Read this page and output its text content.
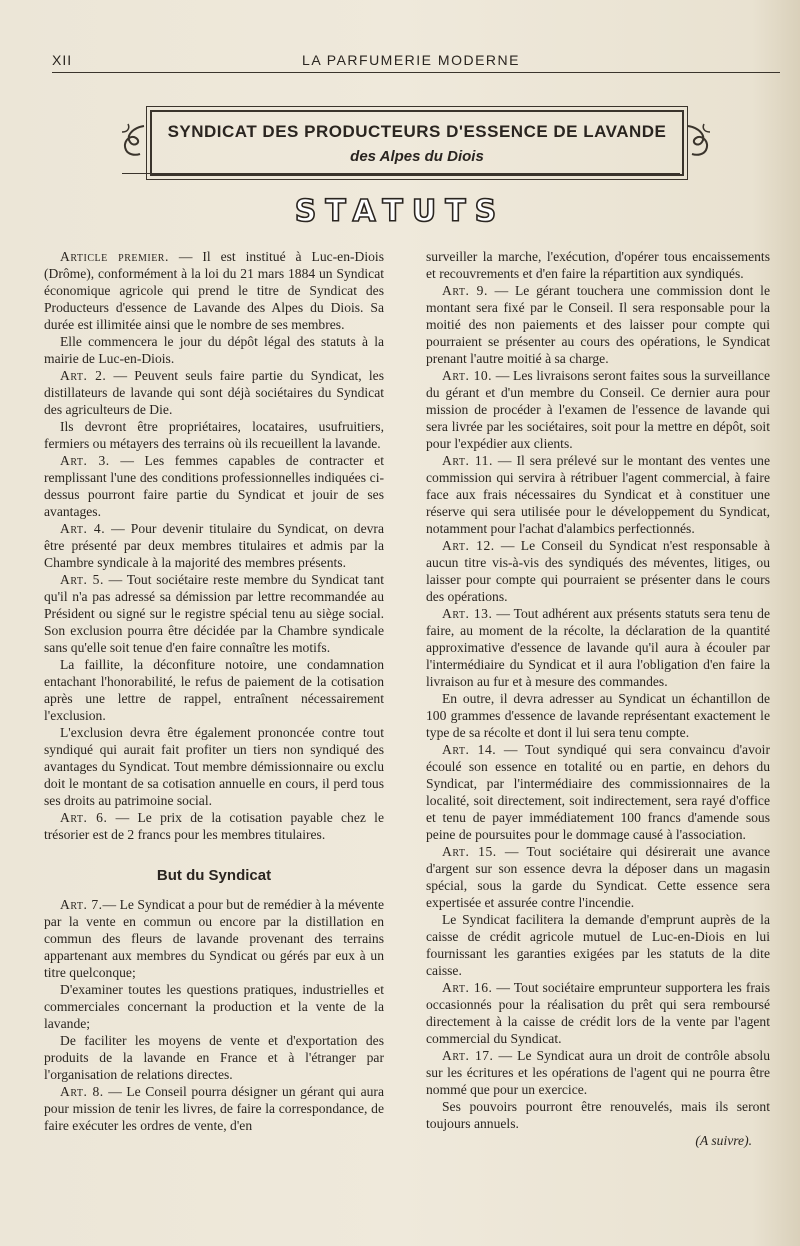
XII	LA PARFUMERIE MODERNE
SYNDICAT DES PRODUCTEURS D'ESSENCE DE LAVANDE
des Alpes du Diois
STATUTS

Article premier. — Il est institué à Luc-en-Diois (Drôme), conformément à la loi du 21 mars 1884 un Syndicat économique agricole qui prend le titre de Syndicat des Producteurs d'essence de Lavande des Alpes du Diois. Sa durée est illimitée ainsi que le nombre de ses membres.

Elle commencera le jour du dépôt légal des statuts à la mairie de Luc-en-Diois.

Art. 2. — Peuvent seuls faire partie du Syndicat, les distillateurs de lavande qui sont déjà sociétaires du Syndicat des agriculteurs de Die.

Ils devront être propriétaires, locataires, usufruitiers, fermiers ou métayers des terrains où ils recueillent la lavande.

Art. 3. — Les femmes capables de contracter et remplissant l'une des conditions professionnelles indiquées ci-dessus pourront faire partie du Syndicat et jouir de ses avantages.

Art. 4. — Pour devenir titulaire du Syndicat, on devra être présenté par deux membres titulaires et admis par la Chambre syndicale à la majorité des membres présents.

Art. 5. — Tout sociétaire reste membre du Syndicat tant qu'il n'a pas adressé sa démission par lettre recommandée au Président ou signé sur le registre spécial tenu au siège social. Son exclusion pourra être décidée par la Chambre syndicale sans qu'elle soit tenue d'en faire connaître les motifs.

La faillite, la déconfiture notoire, une condamnation entachant l'honorabilité, le refus de paiement de la cotisation après une lettre de rappel, entraînent nécessairement l'exclusion.

L'exclusion devra être également prononcée contre tout syndiqué qui aurait fait profiter un tiers non syndiqué des avantages du Syndicat. Tout membre démissionnaire ou exclu doit le montant de sa cotisation annuelle en cours, il perd tous ses droits au patrimoine social.

Art. 6. — Le prix de la cotisation payable chez le trésorier est de 2 francs pour les membres titulaires.

But du Syndicat

Art. 7.— Le Syndicat a pour but de remédier à la mévente par la vente en commun ou encore par la distillation en commun des fleurs de lavande provenant des terrains appartenant aux membres du Syndicat ou gérés par eux à un titre quelconque;

D'examiner toutes les questions pratiques, industrielles et commerciales concernant la production et la vente de la lavande;

De faciliter les moyens de vente et d'exportation des produits de la lavande en France et à l'étranger par l'organisation de relations directes.

Art. 8. — Le Conseil pourra désigner un gérant qui aura pour mission de tenir les livres, de faire la correspondance, de faire exécuter les ordres de vente, d'en

surveiller la marche, l'exécution, d'opérer tous encaissements et recouvrements et d'en faire la répartition aux syndiqués.

Art. 9. — Le gérant touchera une commission dont le montant sera fixé par le Conseil. Il sera responsable pour la moitié des non paiements et des laisser pour compte qui pourraient se présenter au cours des opérations, le Syndicat prenant l'autre moitié à sa charge.

Art. 10. — Les livraisons seront faites sous la surveillance du gérant et d'un membre du Conseil. Ce dernier aura pour mission de procéder à l'examen de l'essence de lavande qui sera livrée par les sociétaires, soit pour la mettre en dépôt, soit pour l'expédier aux clients.

Art. 11. — Il sera prélevé sur le montant des ventes une commission qui servira à rétribuer l'agent commercial, à faire face aux frais nécessaires du Syndicat et à constituer une réserve qui sera utilisée pour le développement du Syndicat, notamment pour l'achat d'alambics perfectionnés.

Art. 12. — Le Conseil du Syndicat n'est responsable à aucun titre vis-à-vis des syndiqués des méventes, litiges, ou laisser pour compte qui pourraient se présenter dans le cours des opérations.

Art. 13. — Tout adhérent aux présents statuts sera tenu de faire, au moment de la récolte, la déclaration de la quantité approximative d'essence de lavande qu'il aura à écouler par l'intermédiaire du Syndicat et il aura l'obligation d'en faire la livraison au fur et à mesure des commandes.

En outre, il devra adresser au Syndicat un échantillon de 100 grammes d'essence de lavande représentant exactement le type de sa récolte et dont il lui sera tenu compte.

Art. 14. — Tout syndiqué qui sera convaincu d'avoir écoulé son essence en totalité ou en partie, en dehors du Syndicat, par l'intermédiaire des commissionnaires de la localité, soit directement, soit indirectement, sera rayé d'office et tenu de payer immédiatement 100 francs d'amende sous peine de poursuites pour le dommage causé à l'association.

Art. 15. — Tout sociétaire qui désirerait une avance d'argent sur son essence devra la déposer dans un magasin spécial, sous la garde du Syndicat. Cette essence sera expertisée et assurée contre l'incendie.

Le Syndicat facilitera la demande d'emprunt auprès de la caisse de crédit agricole mutuel de Luc-en-Diois en lui fournissant les garanties exigées par les statuts de la dite caisse.

Art. 16. — Tout sociétaire emprunteur supportera les frais occasionnés pour la réalisation du prêt qui sera remboursé directement à la caisse de crédit lors de la vente par l'agent commercial du Syndicat.

Art. 17. — Le Syndicat aura un droit de contrôle absolu sur les écritures et les opérations de l'agent qui ne pourra être nommé que pour un exercice.

Ses pouvoirs pourront être renouvelés, mais ils seront toujours annuels.

(A suivre).
